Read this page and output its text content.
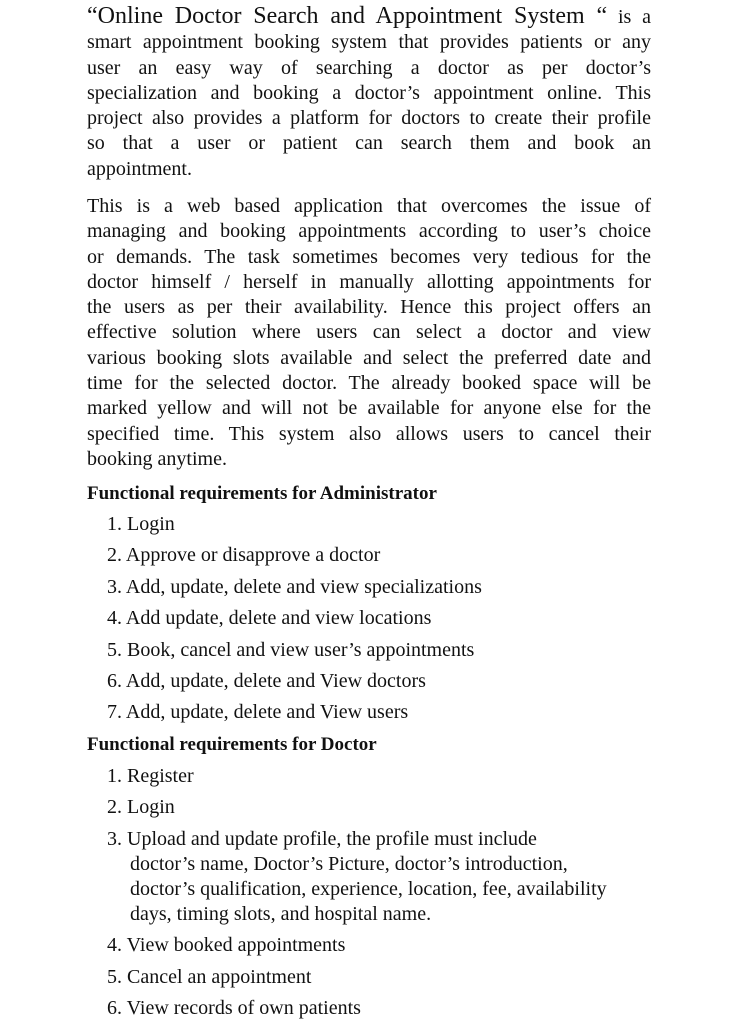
“Online Doctor Search and Appointment System “ is a
smart appointment booking system that provides patients or any
user an easy way of searching a doctor as per doctor’s
specialization and booking a doctor’s appointment online. This
project also provides a platform for doctors to create their profile
so that a user or patient can search them and book an
appointment.
This is a web based application that overcomes the issue of
managing and booking appointments according to user’s choice
or demands. The task sometimes becomes very tedious for the
doctor himself / herself in manually allotting appointments for
the users as per their availability. Hence this project offers an
effective solution where users can select a doctor and view
various booking slots available and select the preferred date and
time for the selected doctor. The already booked space will be
marked yellow and will not be available for anyone else for the
specified time. This system also allows users to cancel their
booking anytime.
Functional requirements for Administrator
1. Login
2. Approve or disapprove a doctor
3. Add, update, delete and view specializations
4. Add update, delete and view locations
5. Book, cancel and view user’s appointments
6. Add, update, delete and View doctors
7. Add, update, delete and View users
Functional requirements for Doctor
1. Register
2. Login
3. Upload and update profile, the profile must include
doctor’s name, Doctor’s Picture, doctor’s introduction,
doctor’s qualification, experience, location, fee, availability
days, timing slots, and hospital name.
4. View booked appointments
5. Cancel an appointment
6. View records of own patients
